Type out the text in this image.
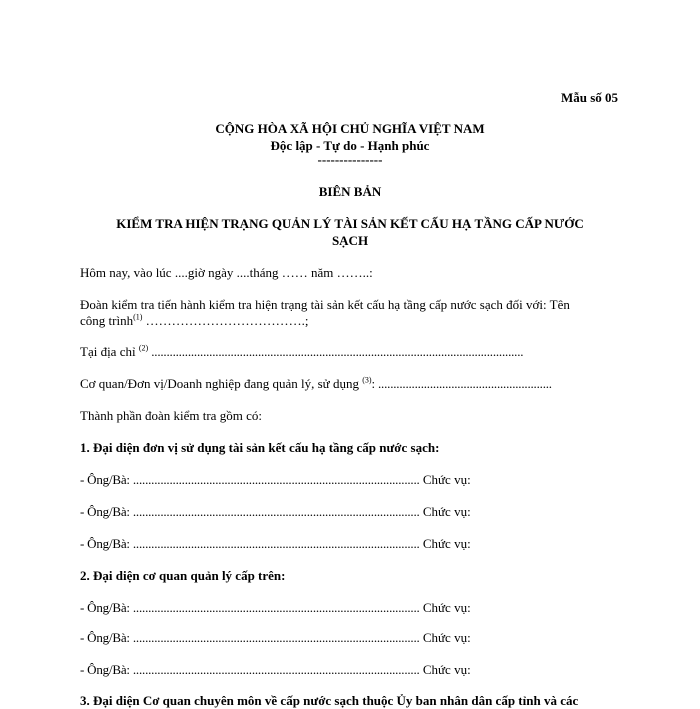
Mẫu số 05
CỘNG HÒA XÃ HỘI CHỦ NGHĨA VIỆT NAM
Độc lập - Tự do - Hạnh phúc
---------------
BIÊN BẢN
KIỂM TRA HIỆN TRẠNG QUẢN LÝ TÀI SẢN KẾT CẤU HẠ TẦNG CẤP NƯỚC
SẠCH
Hôm nay, vào lúc ....giờ ngày ....tháng …… năm ……..:
Đoàn kiểm tra tiến hành kiểm tra hiện trạng tài sản kết cấu hạ tầng cấp nước sạch đối với: Tên
công trình$^{(1)}$ ……………………………….;
Tại địa chỉ $^{(2)}$ ..........................................................................................................................
Cơ quan/Đơn vị/Doanh nghiệp đang quản lý, sử dụng $^{(3)}$: .........................................................
Thành phần đoàn kiểm tra gồm có:
1. Đại diện đơn vị sử dụng tài sản kết cấu hạ tầng cấp nước sạch:
- Ông/Bà: .............................................................................................. Chức vụ:
- Ông/Bà: .............................................................................................. Chức vụ:
- Ông/Bà: .............................................................................................. Chức vụ:
2. Đại diện cơ quan quản lý cấp trên:
- Ông/Bà: .............................................................................................. Chức vụ:
- Ông/Bà: .............................................................................................. Chức vụ:
- Ông/Bà: .............................................................................................. Chức vụ:
3. Đại diện Cơ quan chuyên môn về cấp nước sạch thuộc Ủy ban nhân dân cấp tỉnh và các
